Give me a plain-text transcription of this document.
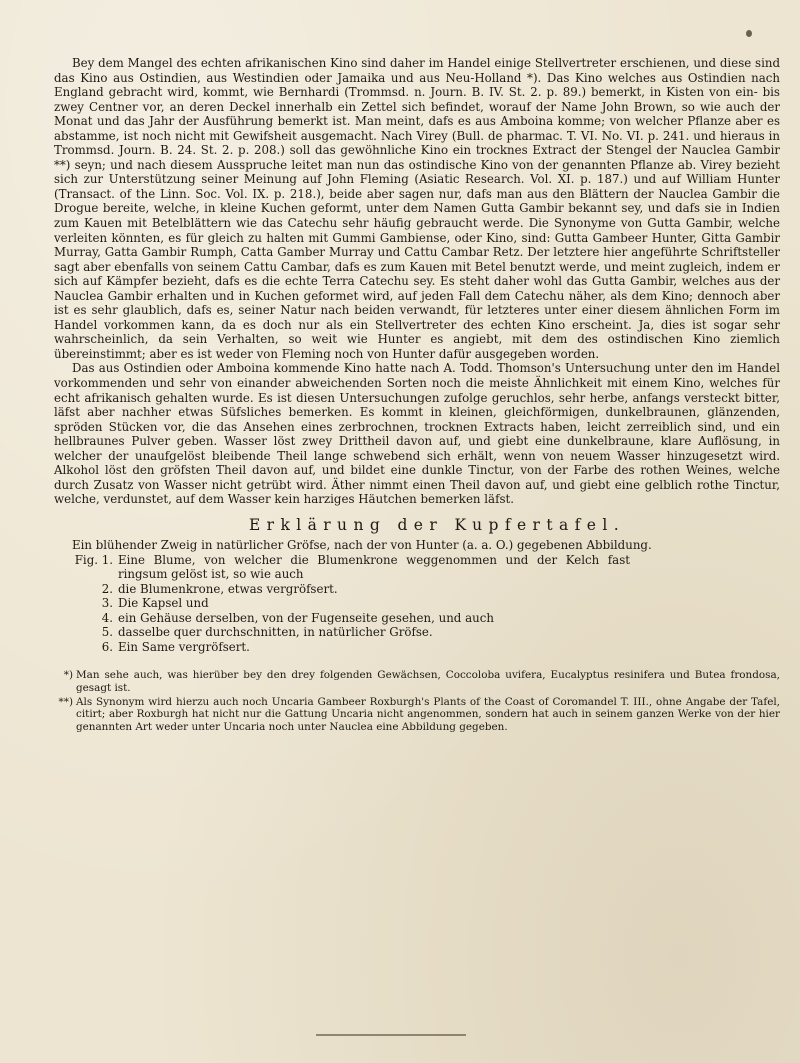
Bey dem Mangel des echten afrikanischen Kino sind daher im Handel einige Stellvertreter erschienen, und diese sind das Kino aus Ostindien, aus Westindien oder Jamaika und aus Neu-Holland *). Das Kino welches aus Ostindien nach England gebracht wird, kommt, wie Bernhardi (Trommsd. n. Journ. B. IV. St. 2. p. 89.) bemerkt, in Kisten von ein- bis zwey Centner vor, an deren Deckel innerhalb ein Zettel sich befindet, worauf der Name John Brown, so wie auch der Monat und das Jahr der Ausführung bemerkt ist. Man meint, dafs es aus Amboina komme; von welcher Pflanze aber es abstamme, ist noch nicht mit Gewifsheit ausgemacht. Nach Virey (Bull. de pharmac. T. VI. No. VI. p. 241. und hieraus in Trommsd. Journ. B. 24. St. 2. p. 208.) soll das gewöhnliche Kino ein trocknes Extract der Stengel der Nauclea Gambir **) seyn; und nach diesem Ausspruche leitet man nun das ostindische Kino von der genannten Pflanze ab. Virey bezieht sich zur Unterstützung seiner Meinung auf John Fleming (Asiatic Research. Vol. XI. p. 187.) und auf William Hunter (Transact. of the Linn. Soc. Vol. IX. p. 218.), beide aber sagen nur, dafs man aus den Blättern der Nauclea Gambir die Drogue bereite, welche, in kleine Kuchen geformt, unter dem Namen Gutta Gambir bekannt sey, und dafs sie in Indien zum Kauen mit Betelblättern wie das Catechu sehr häufig gebraucht werde. Die Synonyme von Gutta Gambir, welche verleiten könnten, es für gleich zu halten mit Gummi Gambiense, oder Kino, sind: Gutta Gambeer Hunter, Gitta Gambir Murray, Gatta Gambir Rumph, Catta Gamber Murray und Cattu Cambar Retz. Der letztere hier angeführte Schriftsteller sagt aber ebenfalls von seinem Cattu Cambar, dafs es zum Kauen mit Betel benutzt werde, und meint zugleich, indem er sich auf Kämpfer bezieht, dafs es die echte Terra Catechu sey. Es steht daher wohl das Gutta Gambir, welches aus der Nauclea Gambir erhalten und in Kuchen geformet wird, auf jeden Fall dem Catechu näher, als dem Kino; dennoch aber ist es sehr glaublich, dafs es, seiner Natur nach beiden verwandt, für letzteres unter einer diesem ähnlichen Form im Handel vorkommen kann, da es doch nur als ein Stellvertreter des echten Kino erscheint. Ja, dies ist sogar sehr wahrscheinlich, da sein Verhalten, so weit wie Hunter es angiebt, mit dem des ostindischen Kino ziemlich übereinstimmt; aber es ist weder von Fleming noch von Hunter dafür ausgegeben worden.

Das aus Ostindien oder Amboina kommende Kino hatte nach A. Todd. Thomson's Untersuchung unter den im Handel vorkommenden und sehr von einander abweichenden Sorten noch die meiste Ähnlichkeit mit einem Kino, welches für echt afrikanisch gehalten wurde. Es ist diesen Untersuchungen zufolge geruchlos, sehr herbe, anfangs versteckt bitter, läfst aber nachher etwas Süfsliches bemerken. Es kommt in kleinen, gleichförmigen, dunkelbraunen, glänzenden, spröden Stücken vor, die das Ansehen eines zerbrochnen, trocknen Extracts haben, leicht zerreiblich sind, und ein hellbraunes Pulver geben. Wasser löst zwey Drittheil davon auf, und giebt eine dunkelbraune, klare Auflösung, in welcher der unaufgelöst bleibende Theil lange schwebend sich erhält, wenn von neuem Wasser hinzugesetzt wird. Alkohol löst den gröfsten Theil davon auf, und bildet eine dunkle Tinctur, von der Farbe des rothen Weines, welche durch Zusatz von Wasser nicht getrübt wird. Äther nimmt einen Theil davon auf, und giebt eine gelblich rothe Tinctur, welche, verdunstet, auf dem Wasser kein harziges Häutchen bemerken läfst.

Erklärung der Kupfertafel.

Ein blühender Zweig in natürlicher Gröfse, nach der von Hunter (a. a. O.) gegebenen Abbildung.

Fig. 1. Eine Blume, von welcher die Blumenkrone weggenommen und der Kelch fast ringsum gelöst ist, so wie auch
2. die Blumenkrone, etwas vergröfsert.
3. Die Kapsel und
4. ein Gehäuse derselben, von der Fugenseite gesehen, und auch
5. dasselbe quer durchschnitten, in natürlicher Gröfse.
6. Ein Same vergröfsert.
*) Man sehe auch, was hierüber bey den drey folgenden Gewächsen, Coccoloba uvifera, Eucalyptus resinifera und Butea frondosa, gesagt ist.
**) Als Synonym wird hierzu auch noch Uncaria Gambeer Roxburgh's Plants of the Coast of Coromandel T. III., ohne Angabe der Tafel, citirt; aber Roxburgh hat nicht nur die Gattung Uncaria nicht angenommen, sondern hat auch in seinem ganzen Werke von der hier genannten Art weder unter Uncaria noch unter Nauclea eine Abbildung gegeben.
